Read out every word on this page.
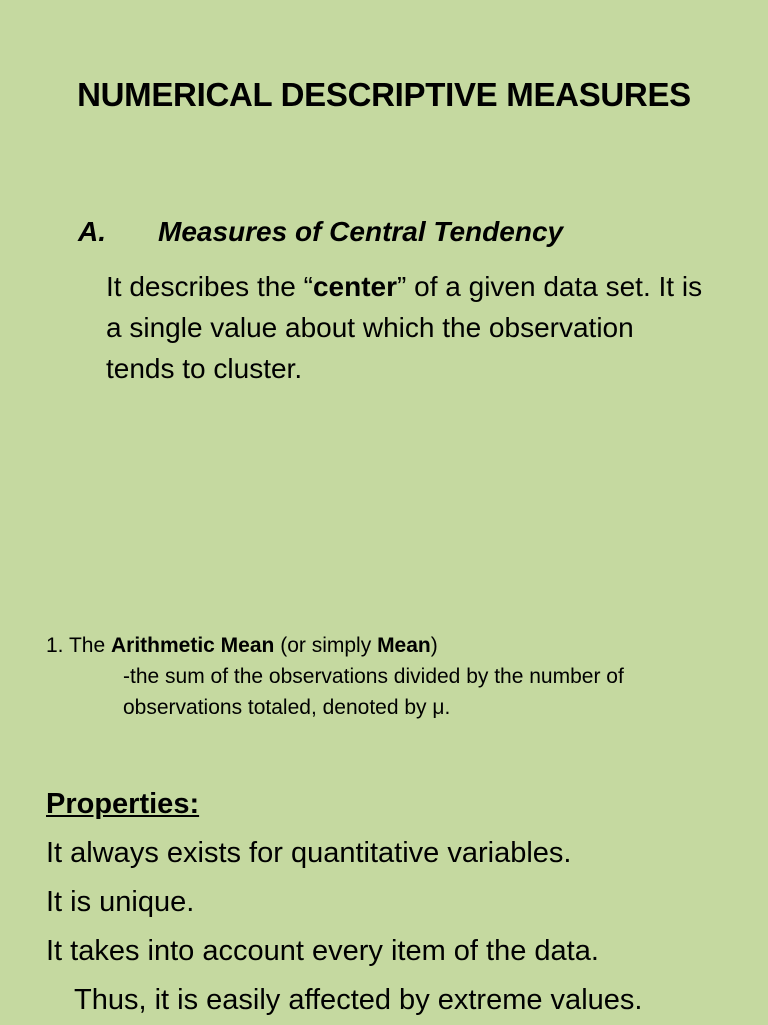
NUMERICAL DESCRIPTIVE MEASURES
A. Measures of Central Tendency
It describes the “center” of a given data set. It is a single value about which the observation tends to cluster.
1. The Arithmetic Mean (or simply Mean)
-the sum of the observations divided by the number of observations totaled, denoted by μ.
Properties:
It always exists for quantitative variables.
It is unique.
It takes into account every item of the data.
Thus, it is easily affected by extreme values.
